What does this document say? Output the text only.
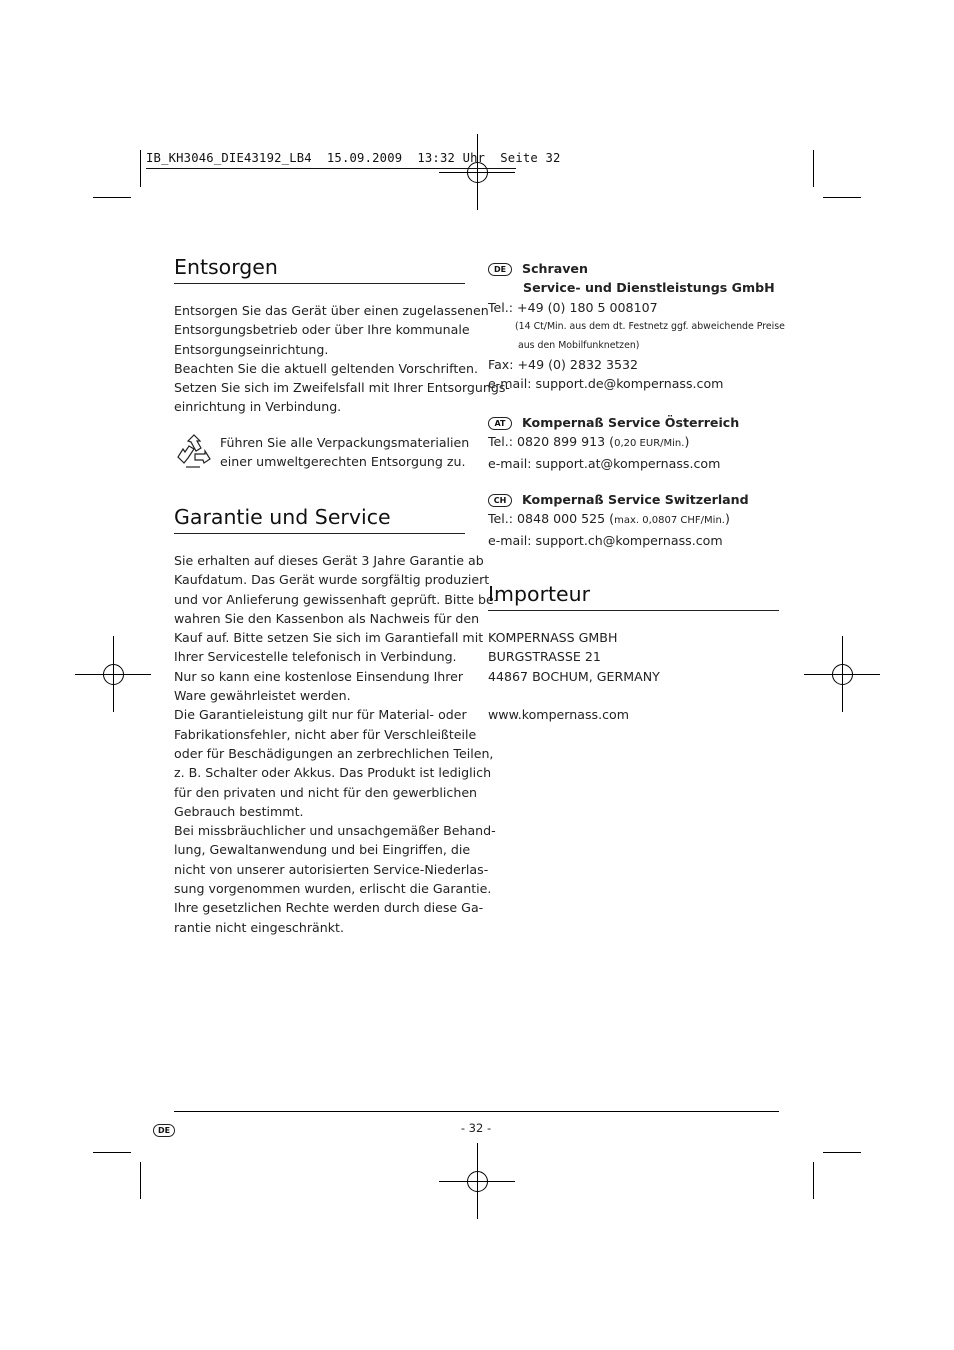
IB_KH3046_DIE43192_LB4  15.09.2009  13:32 Uhr  Seite 32
Entsorgen
Entsorgen Sie das Gerät über einen zugelassenen
Entsorgungsbetrieb oder über Ihre kommunale
Entsorgungseinrichtung.
Beachten Sie die aktuell geltenden Vorschriften.
Setzen Sie sich im Zweifelsfall mit Ihrer Entsorgungs-
einrichtung in Verbindung.
Führen Sie alle Verpackungsmaterialien
einer umweltgerechten Entsorgung zu.
Garantie und Service
Sie erhalten auf dieses Gerät 3 Jahre Garantie ab
Kaufdatum. Das Gerät wurde sorgfältig produziert
und vor Anlieferung gewissenhaft geprüft. Bitte be-
wahren Sie den Kassenbon als Nachweis für den
Kauf auf. Bitte setzen Sie sich im Garantiefall mit
Ihrer Servicestelle telefonisch in Verbindung.
Nur so kann eine kostenlose Einsendung Ihrer
Ware gewährleistet werden.
Die Garantieleistung gilt nur für Material- oder
Fabrikationsfehler, nicht aber für Verschleißteile
oder für Beschädigungen an zerbrechlichen Teilen,
z. B. Schalter oder Akkus. Das Produkt ist lediglich
für den privaten und nicht für den gewerblichen
Gebrauch bestimmt.
Bei missbräuchlicher und unsachgemäßer Behand-
lung, Gewaltanwendung und bei Eingriffen, die
nicht von unserer autorisierten Service-Niederlas-
sung vorgenommen wurden, erlischt die Garantie.
Ihre gesetzlichen Rechte werden durch diese Ga-
rantie nicht eingeschränkt.
DE Schraven
Service- und Dienstleistungs GmbH
Tel.: +49 (0) 180 5 008107
(14 Ct/Min. aus dem dt. Festnetz ggf. abweichende Preise
aus den Mobilfunknetzen)
Fax: +49 (0) 2832 3532
e-mail: support.de@kompernass.com
AT Kompernaß Service Österreich
Tel.: 0820 899 913 (0,20 EUR/Min.)
e-mail: support.at@kompernass.com
CH Kompernaß Service Switzerland
Tel.: 0848 000 525 (max. 0,0807 CHF/Min.)
e-mail: support.ch@kompernass.com
Importeur
KOMPERNASS GMBH
BURGSTRASSE 21
44867 BOCHUM, GERMANY
www.kompernass.com
DE	- 32 -
